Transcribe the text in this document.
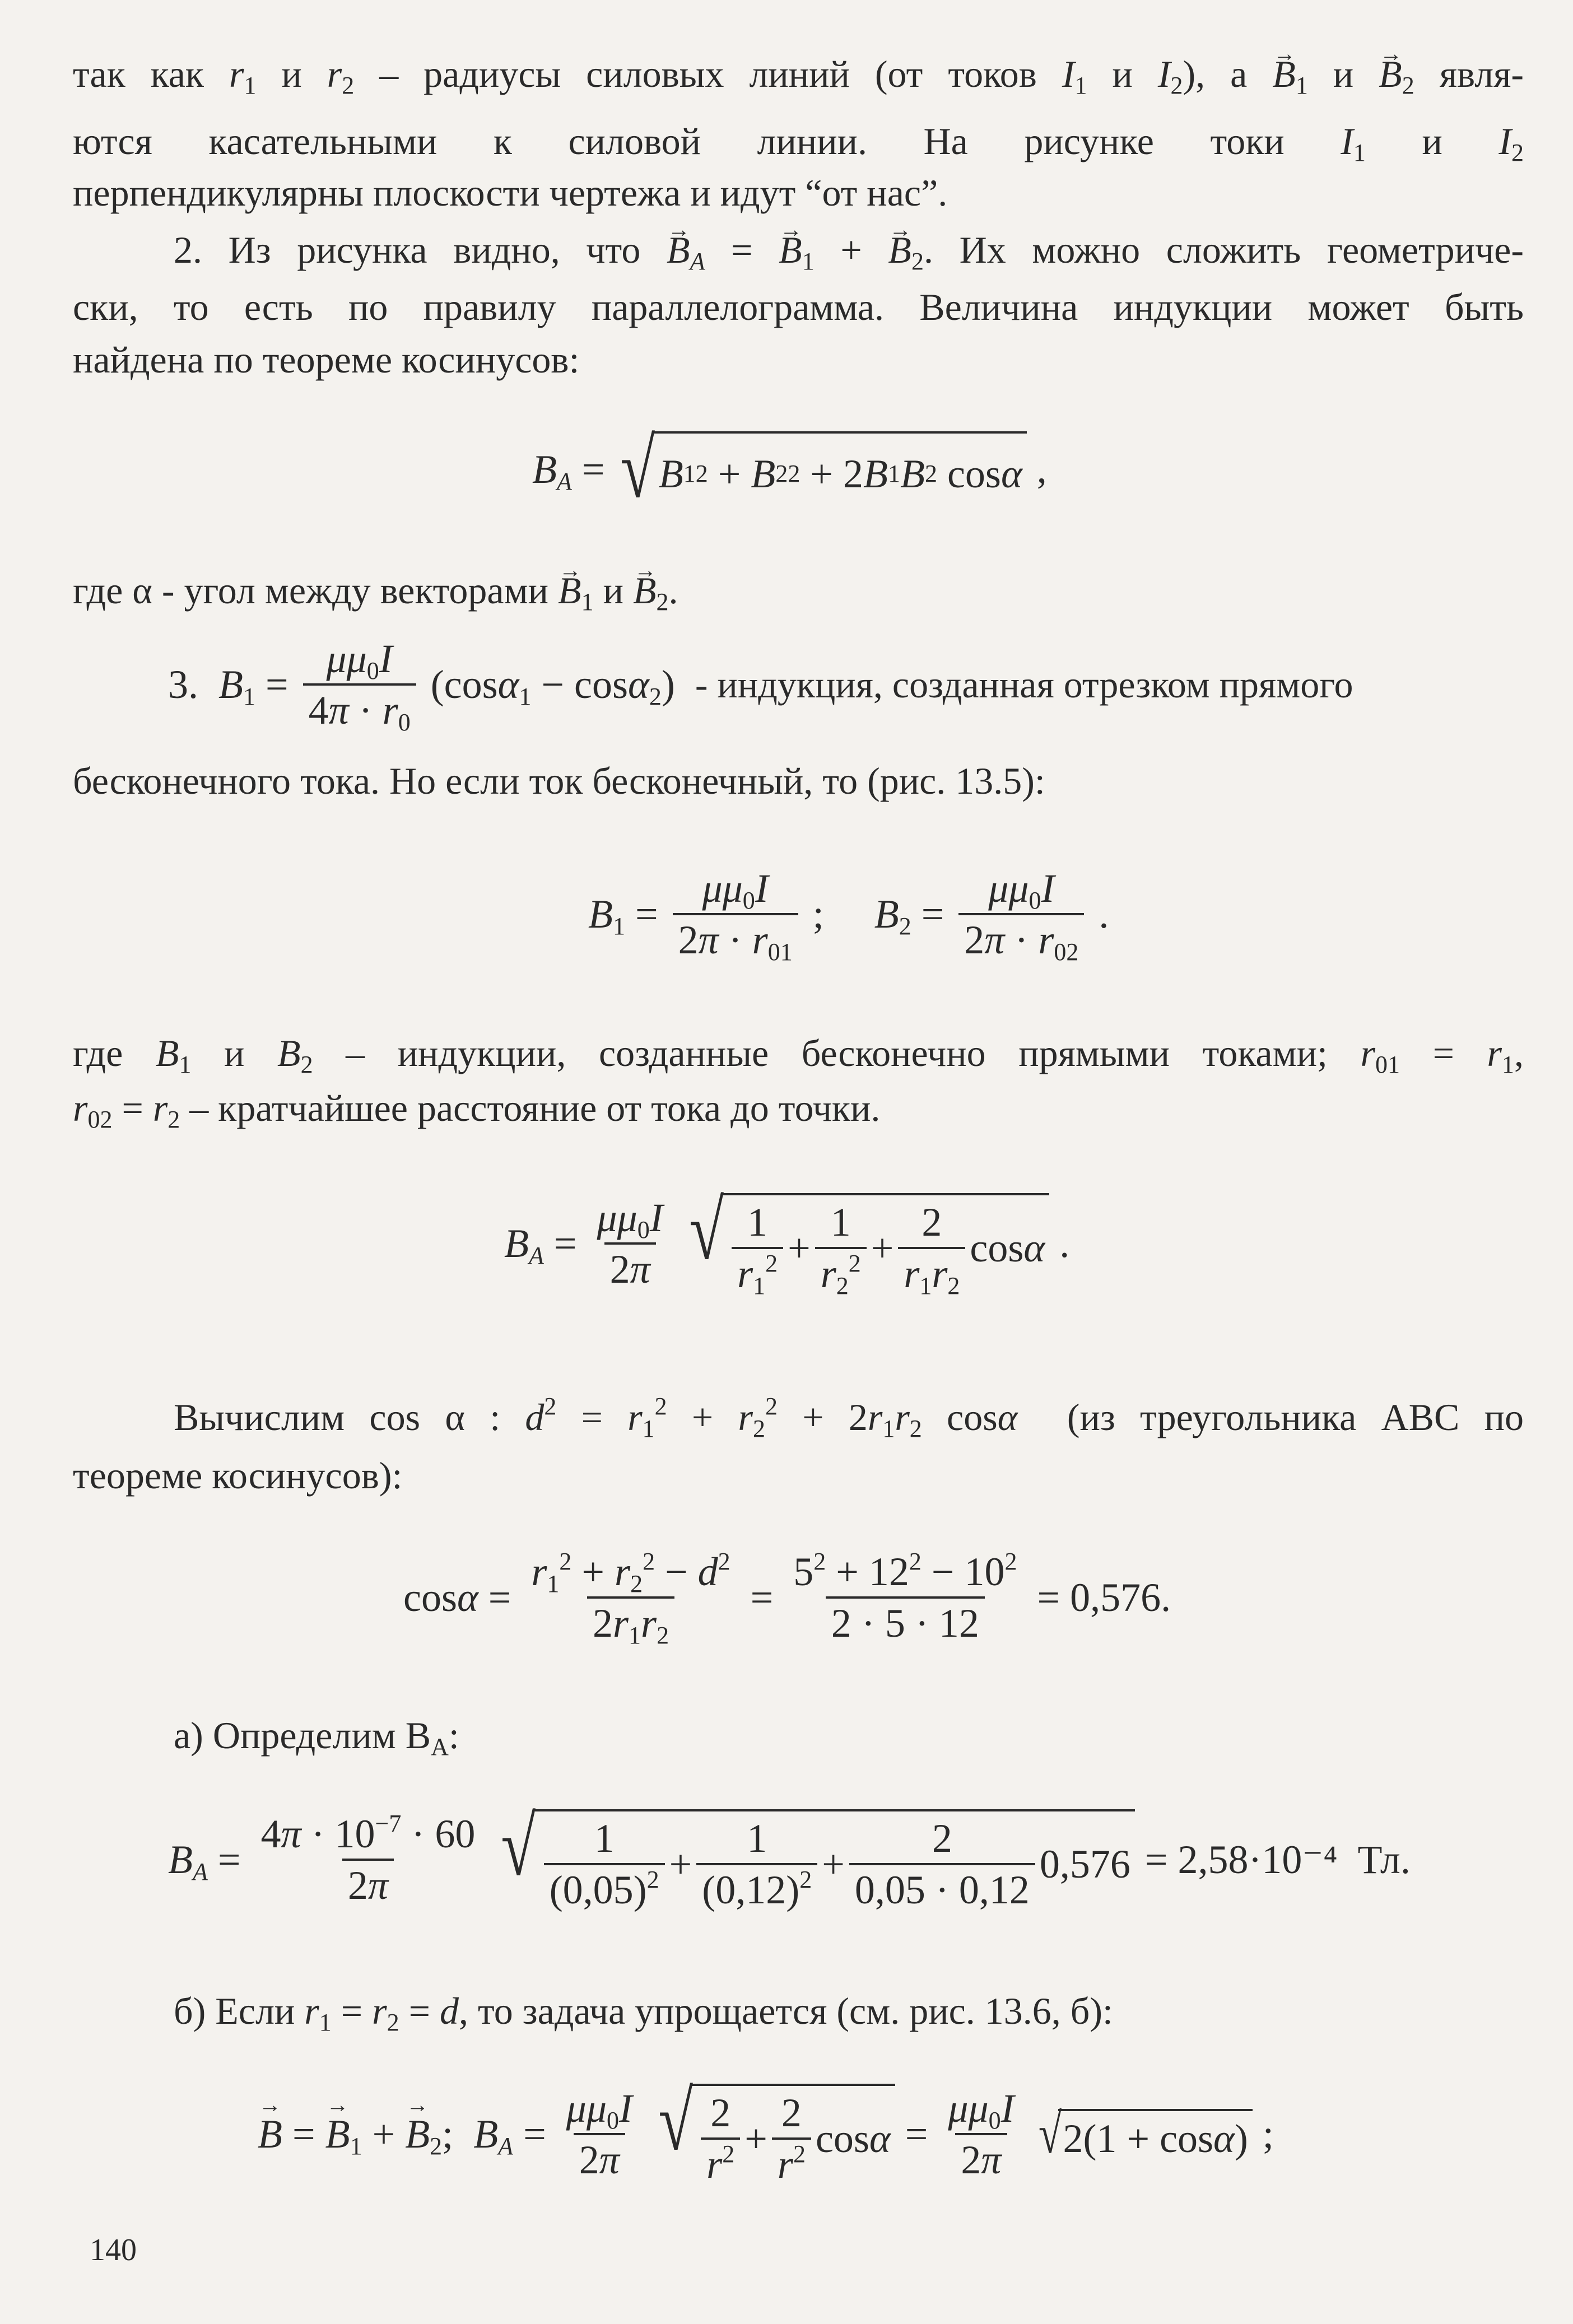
так как $r_1$ и $r_2$ – радиусы силовых линий (от токов $I_1$ и $I_2$), $а \to B_1$ $и \to B_2$ явля-
ются касательными к силовой линии. На рисунке токи $I_1$ и $I_2$
перпендикулярны плоскости чертежа и идут “от нас”.
2. Из рисунка видно, что → $B_A$ = → $B_1$ + → $B_2$. Их можно сложить геометриче-
ски, то есть по правилу параллелограмма. Величина индукции может быть
найдена по теореме косинусов:
$B_A$ = √ B 1 2 + B 2 2 + 2 B 1 B 2 cos α ,
где α - угол между векторами → $B_1$ $и \to B_2$.
3.  $B_1 = \frac{\mu\mu_0I}{4\pi \cdot r_0} (\cos\alpha_1 - \cos\alpha_2)$  - индукция, созданная отрезком прямого
бесконечного тока. Но если ток бесконечный, то (рис. 13.5):
$B_1 = \frac{\mu\mu_0I}{2\pi \cdot r_{01}}$ ;     $B_2 = \frac{\mu\mu_0I}{2\pi \cdot r_{02}}$ .
где $B_1$ и $B_2$ – индукции, созданные бесконечно прямыми токами; $r_{01} = r_1$,
$r_{02} = r_2$ – кратчайшее расстояние от тока до точки.
$B_A = \frac{\mu\mu_0I}{2\pi}$
√ $\frac{1}{r_1^2} + \frac{1}{r_2^2} + \frac{2}{r_1r_2}$ cos α .
Вычислим cos α : $d^2 = r_1^2 + r_2^2 + 2r_1r_2$ cosα (из треугольника ABC по
теореме косинусов):
$\cos\alpha = \frac{r_1^2 + r_2^2 - d^2}{2r_1r_2} = \frac{5^2 + 12^2 - 10^2}{2 \cdot 5 \cdot 12} = 0,576$.
а) Определим $B_A$:
$B_A = \frac{4\pi \cdot 10^{-7} \cdot 60}{2\pi}$
√ $\frac{1}{(0,05)^2} + \frac{1}{(0,12)^2} + \frac{2}{0,05 \cdot 0,12} 0,576 = 2,58\cdot 10^{-4}$ Тл.
б) Если $r_1 = r_2 = d$, то задача упрощается (см. рис. 13.6, б):
→ B = → $B_1$ + → $B_2$;  $B_A = \frac{\mu\mu_0I}{2\pi}$
√ $\frac{2}{r^2} + \frac{2}{r^2}$ $\cos \alpha = \frac{\mu\mu_0I}{2\pi}$
√ 2(1 + cos α ) ;
140
